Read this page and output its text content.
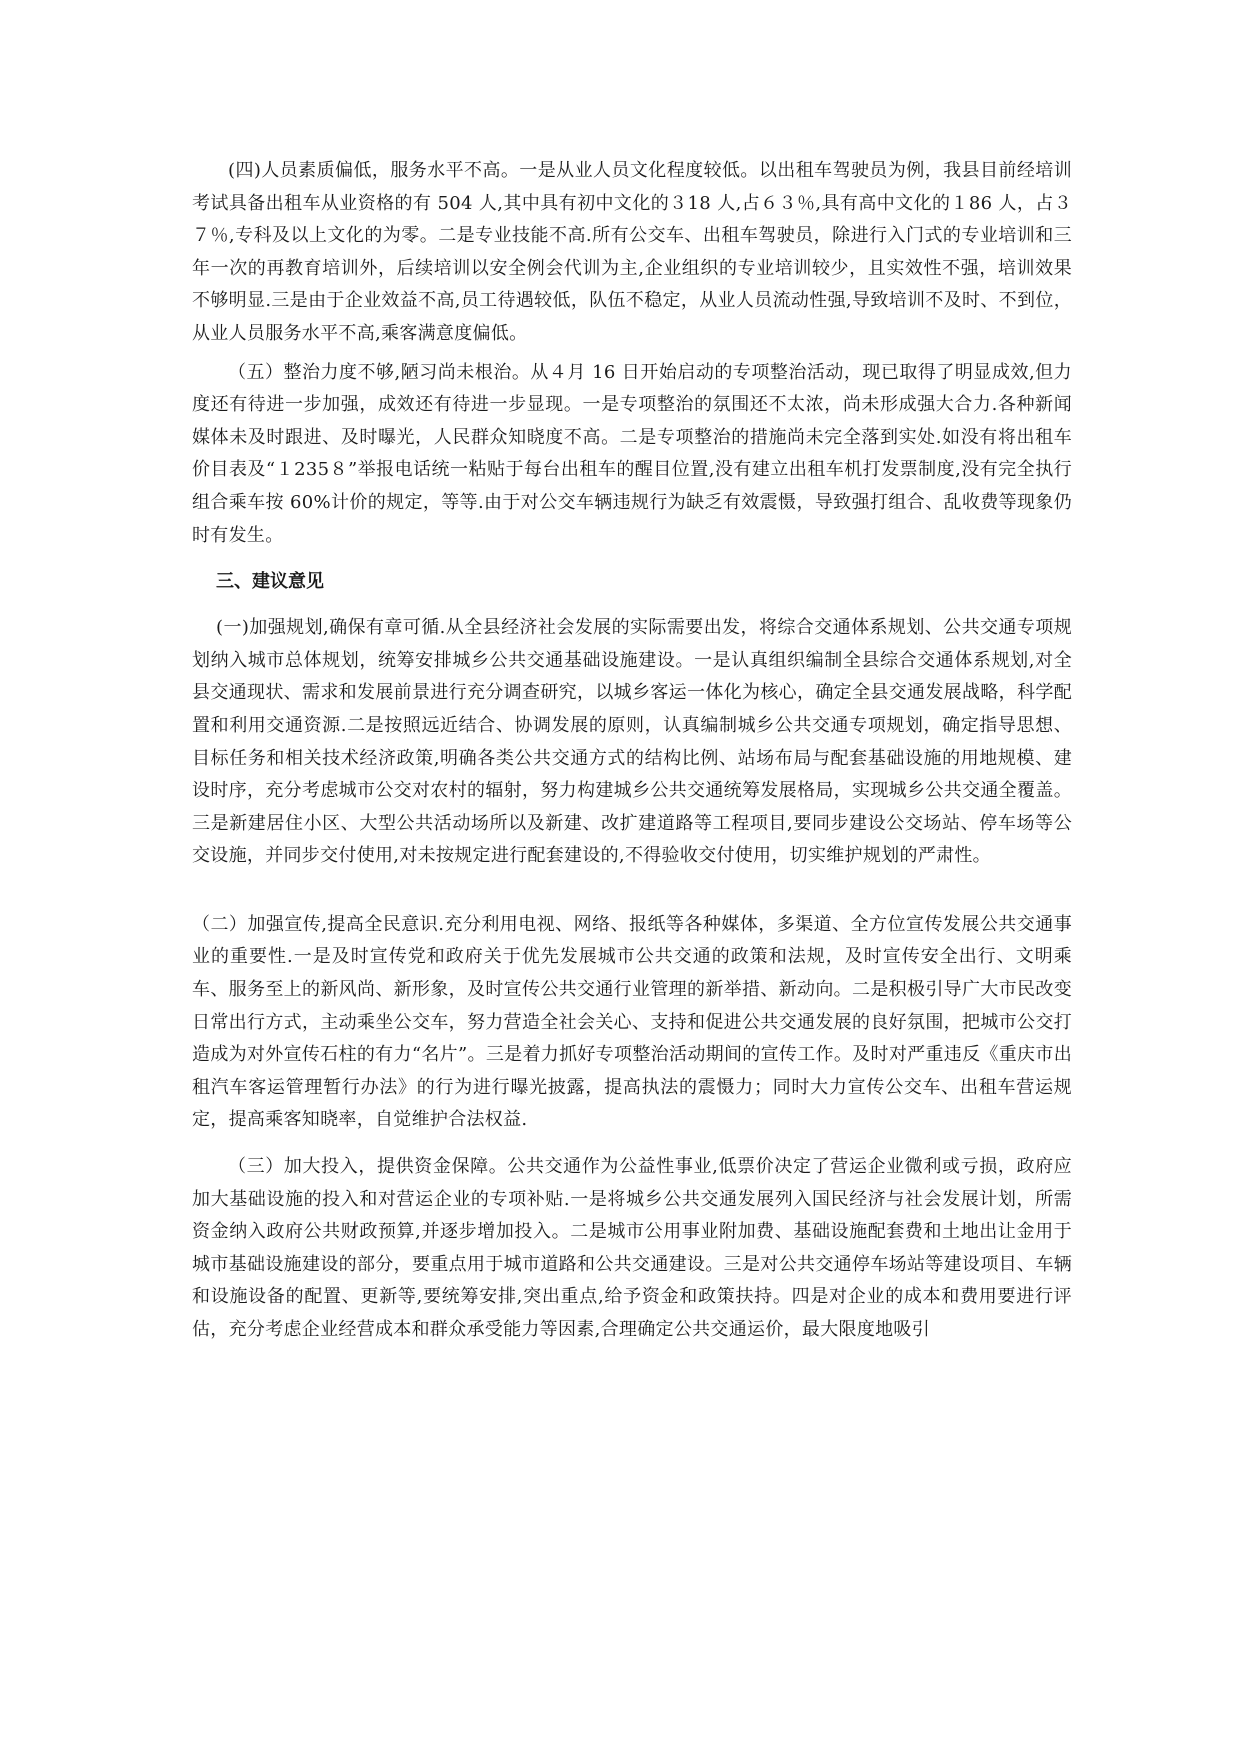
(四)人员素质偏低，服务水平不高。一是从业人员文化程度较低。以出租车驾驶员为例，我县目前经培训考试具备出租车从业资格的有 504 人,其中具有初中文化的３18 人,占６３％,具有高中文化的１86 人，占３７％,专科及以上文化的为零。二是专业技能不高.所有公交车、出租车驾驶员，除进行入门式的专业培训和三年一次的再教育培训外，后续培训以安全例会代训为主,企业组织的专业培训较少，且实效性不强，培训效果不够明显.三是由于企业效益不高,员工待遇较低，队伍不稳定，从业人员流动性强,导致培训不及时、不到位，从业人员服务水平不高,乘客满意度偏低。

（五）整治力度不够,陋习尚未根治。从４月 16 日开始启动的专项整治活动，现已取得了明显成效,但力度还有待进一步加强，成效还有待进一步显现。一是专项整治的氛围还不太浓，尚未形成强大合力.各种新闻媒体未及时跟进、及时曝光，人民群众知晓度不高。二是专项整治的措施尚未完全落到实处.如没有将出租车价目表及“１235８”举报电话统一粘贴于每台出租车的醒目位置,没有建立出租车机打发票制度,没有完全执行组合乘车按 60%计价的规定，等等.由于对公交车辆违规行为缺乏有效震慑，导致强打组合、乱收费等现象仍时有发生。

三、建议意见

(一)加强规划,确保有章可循.从全县经济社会发展的实际需要出发，将综合交通体系规划、公共交通专项规划纳入城市总体规划，统筹安排城乡公共交通基础设施建设。一是认真组织编制全县综合交通体系规划,对全县交通现状、需求和发展前景进行充分调查研究，以城乡客运一体化为核心，确定全县交通发展战略，科学配置和利用交通资源.二是按照远近结合、协调发展的原则，认真编制城乡公共交通专项规划，确定指导思想、目标任务和相关技术经济政策,明确各类公共交通方式的结构比例、站场布局与配套基础设施的用地规模、建设时序，充分考虑城市公交对农村的辐射，努力构建城乡公共交通统筹发展格局，实现城乡公共交通全覆盖。三是新建居住小区、大型公共活动场所以及新建、改扩建道路等工程项目,要同步建设公交场站、停车场等公交设施，并同步交付使用,对未按规定进行配套建设的,不得验收交付使用，切实维护规划的严肃性。

（二）加强宣传,提高全民意识.充分利用电视、网络、报纸等各种媒体，多渠道、全方位宣传发展公共交通事业的重要性.一是及时宣传党和政府关于优先发展城市公共交通的政策和法规，及时宣传安全出行、文明乘车、服务至上的新风尚、新形象，及时宣传公共交通行业管理的新举措、新动向。二是积极引导广大市民改变日常出行方式，主动乘坐公交车，努力营造全社会关心、支持和促进公共交通发展的良好氛围，把城市公交打造成为对外宣传石柱的有力“名片”。三是着力抓好专项整治活动期间的宣传工作。及时对严重违反《重庆市出租汽车客运管理暂行办法》的行为进行曝光披露，提高执法的震慑力；同时大力宣传公交车、出租车营运规定，提高乘客知晓率，自觉维护合法权益.

（三）加大投入，提供资金保障。公共交通作为公益性事业,低票价决定了营运企业微利或亏损，政府应加大基础设施的投入和对营运企业的专项补贴.一是将城乡公共交通发展列入国民经济与社会发展计划，所需资金纳入政府公共财政预算,并逐步增加投入。二是城市公用事业附加费、基础设施配套费和土地出让金用于城市基础设施建设的部分，要重点用于城市道路和公共交通建设。三是对公共交通停车场站等建设项目、车辆和设施设备的配置、更新等,要统筹安排,突出重点,给予资金和政策扶持。四是对企业的成本和费用要进行评估，充分考虑企业经营成本和群众承受能力等因素,合理确定公共交通运价，最大限度地吸引
